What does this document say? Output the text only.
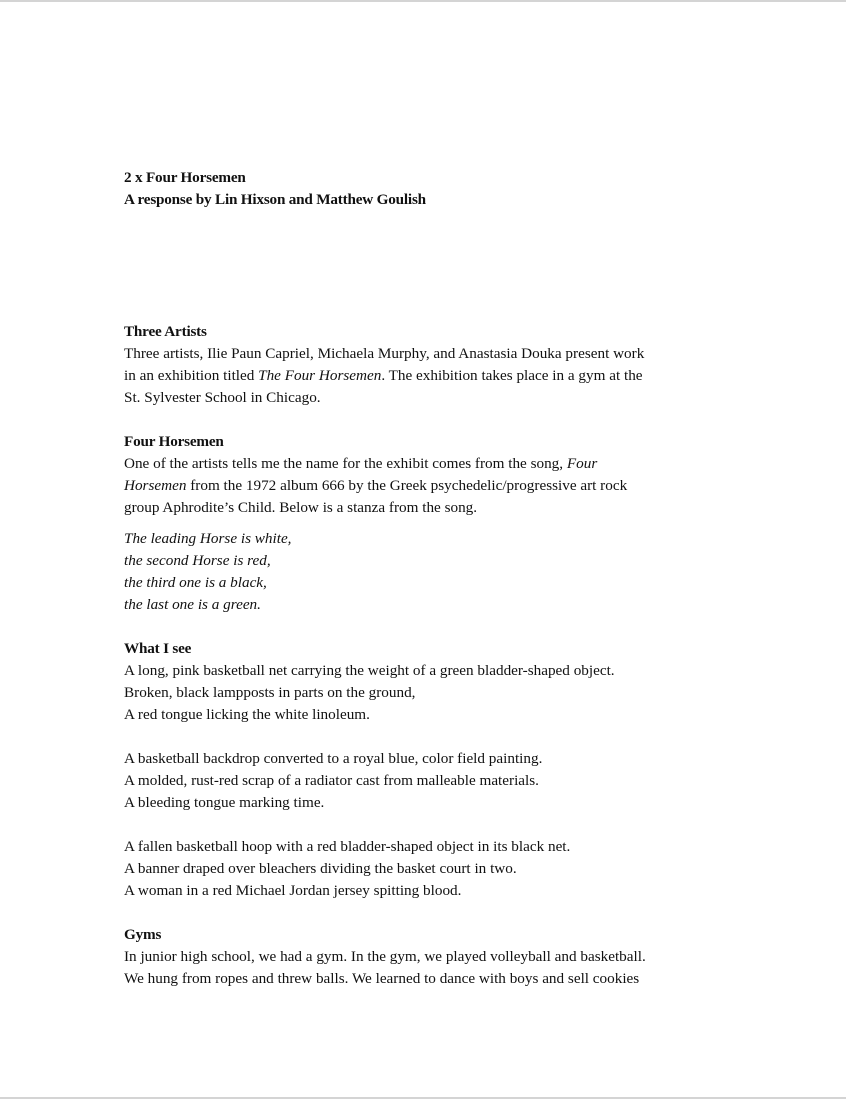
2 x Four Horsemen
A response by Lin Hixson and Matthew Goulish
Three Artists
Three artists, Ilie Paun Capriel, Michaela Murphy, and Anastasia Douka present work
in an exhibition titled The Four Horsemen. The exhibition takes place in a gym at the
St. Sylvester School in Chicago.
Four Horsemen
One of the artists tells me the name for the exhibit comes from the song, Four
Horsemen from the 1972 album 666 by the Greek psychedelic/progressive art rock
group Aphrodite’s Child. Below is a stanza from the song.
The leading Horse is white,
the second Horse is red,
the third one is a black,
the last one is a green.
What I see
A long, pink basketball net carrying the weight of a green bladder-shaped object.
Broken, black lampposts in parts on the ground,
A red tongue licking the white linoleum.
A basketball backdrop converted to a royal blue, color field painting.
A molded, rust-red scrap of a radiator cast from malleable materials.
A bleeding tongue marking time.
A fallen basketball hoop with a red bladder-shaped object in its black net.
A banner draped over bleachers dividing the basket court in two.
A woman in a red Michael Jordan jersey spitting blood.
Gyms
In junior high school, we had a gym. In the gym, we played volleyball and basketball.
We hung from ropes and threw balls. We learned to dance with boys and sell cookies
